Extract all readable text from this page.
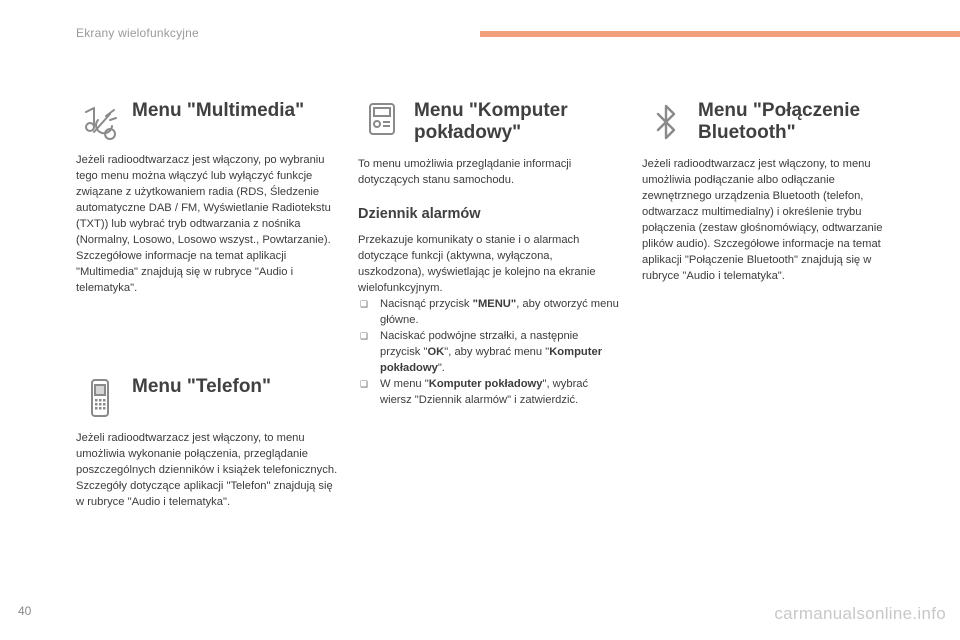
Ekrany wielofunkcyjne
Menu "Multimedia"

Jeżeli radioodtwarzacz jest włączony, po wybraniu tego menu można włączyć lub wyłączyć funkcje związane z użytkowaniem radia (RDS, Śledzenie automatyczne DAB / FM, Wyświetlanie Radiotekstu (TXT)) lub wybrać tryb odtwarzania z nośnika (Normalny, Losowo, Losowo wszyst., Powtarzanie). Szczegółowe informacje na temat aplikacji "Multimedia" znajdują się w rubryce "Audio i telematyka".

Menu "Telefon"

Jeżeli radioodtwarzacz jest włączony, to menu umożliwia wykonanie połączenia, przeglądanie poszczególnych dzienników i książek telefonicznych. Szczegóły dotyczące aplikacji "Telefon" znajdują się w rubryce "Audio i telematyka".

Menu "Komputer pokładowy"

To menu umożliwia przeglądanie informacji dotyczących stanu samochodu.

Dziennik alarmów

Przekazuje komunikaty o stanie i o alarmach dotyczące funkcji (aktywna, wyłączona, uszkodzona), wyświetlając je kolejno na ekranie wielofunkcyjnym.

❏ Nacisnąć przycisk "MENU", aby otworzyć menu główne.
❏ Naciskać podwójne strzałki, a następnie przycisk "OK", aby wybrać menu "Komputer pokładowy".
❏ W menu "Komputer pokładowy", wybrać wiersz "Dziennik alarmów" i zatwierdzić.
Menu "Połączenie Bluetooth"

Jeżeli radioodtwarzacz jest włączony, to menu umożliwia podłączanie albo odłączanie zewnętrznego urządzenia Bluetooth (telefon, odtwarzacz multimedialny) i określenie trybu połączenia (zestaw głośnomówiący, odtwarzanie plików audio). Szczegółowe informacje na temat aplikacji "Połączenie Bluetooth" znajdują się w rubryce "Audio i telematyka".

40	carmanualsonline.info
